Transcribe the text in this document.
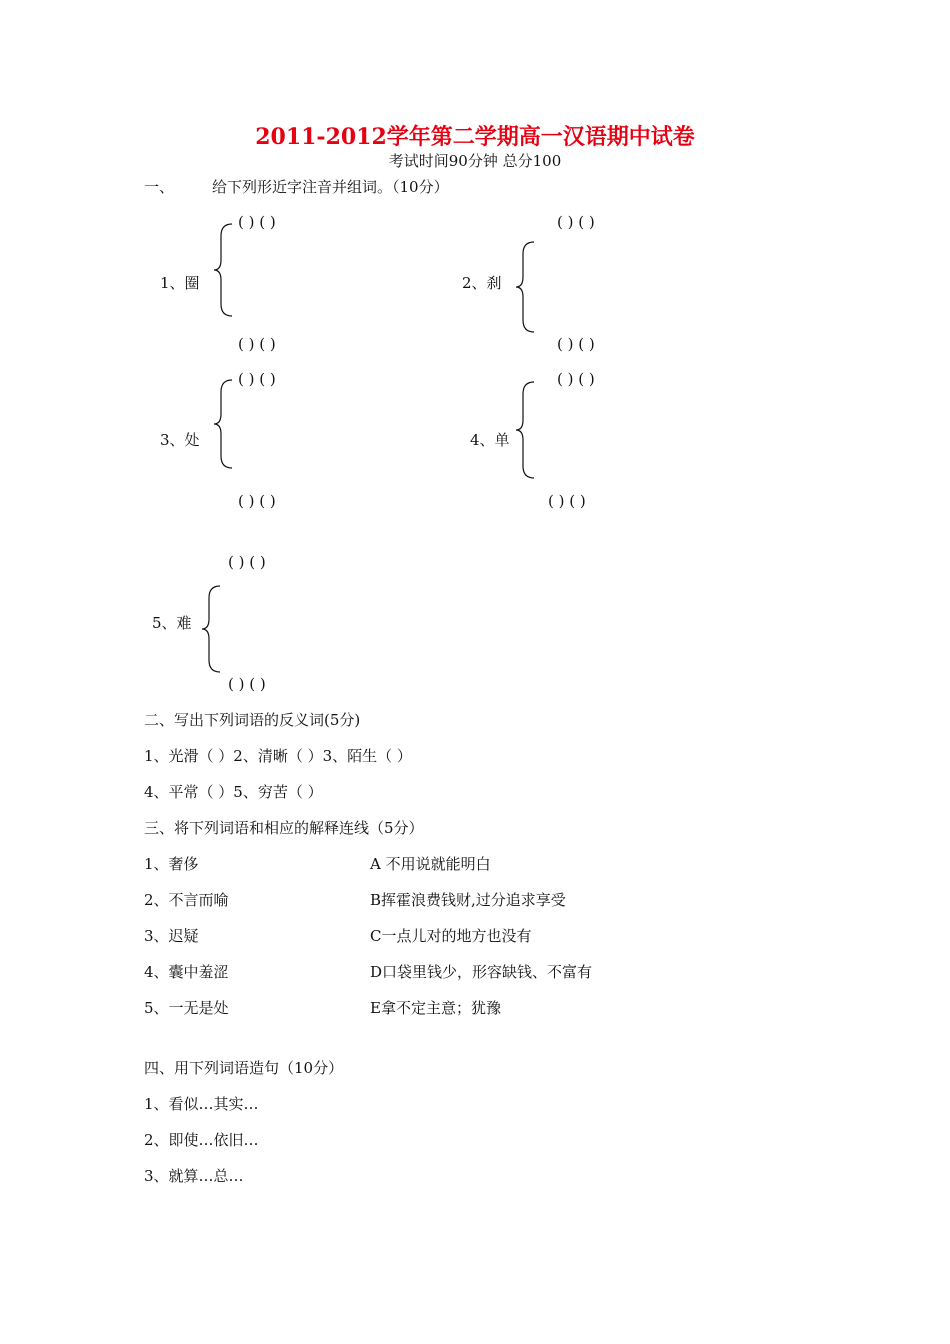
2011-2012学年第二学期高一汉语期中试卷
考试时间90分钟 总分100
一、	给下列形近字注音并组词。（10分）
( ) ( )
1、圈
( ) ( )
( ) ( )
2、刹
( ) ( )
( ) ( )
3、处
( ) ( )
( ) ( )
4、单
( ) ( )
( ) ( )
5、难
( ) ( )
二、写出下列词语的反义词(5分)
1、光滑（ ）2、清晰（ ）3、陌生（ ）
4、平常（ ）5、穷苦（ ）
三、将下列词语和相应的解释连线（5分）
1、奢侈	A 不用说就能明白
2、不言而喻	B挥霍浪费钱财,过分追求享受
3、迟疑	C一点儿对的地方也没有
4、囊中羞涩	D口袋里钱少，形容缺钱、不富有
5、一无是处	E拿不定主意；犹豫
四、用下列词语造句（10分）
1、看似…其实…
2、即使…依旧…
3、就算…总…
